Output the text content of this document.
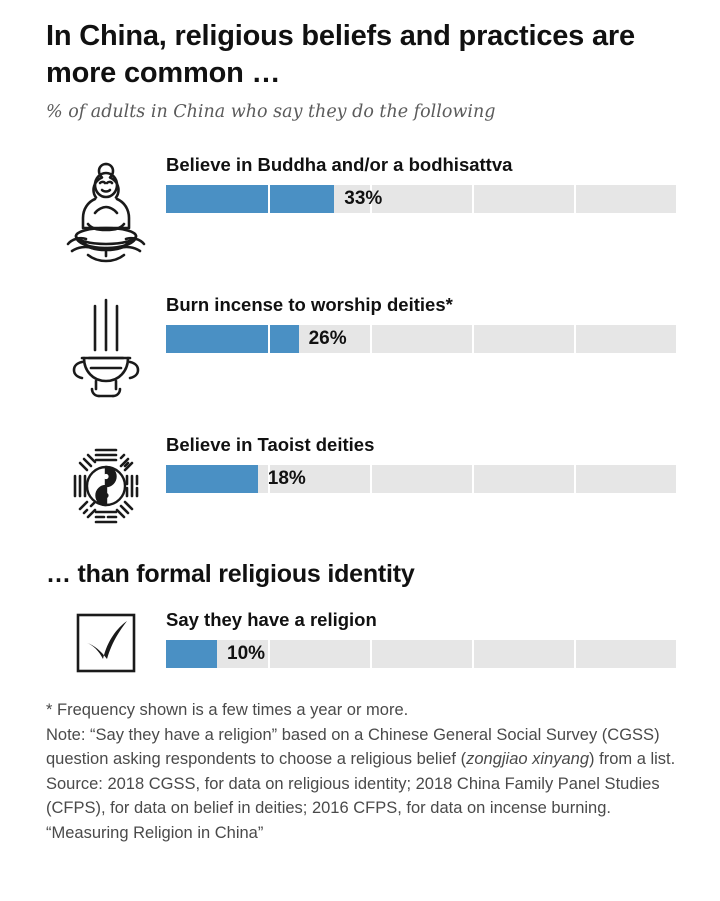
In China, religious beliefs and practices are more common …
% of adults in China who say they do the following
Believe in Buddha and/or a bodhisattva
33%
Burn incense to worship deities*
26%
Believe in Taoist deities
18%
… than formal religious identity
Say they have a religion
10%

* Frequency shown is a few times a year or more.

Note: “Say they have a religion” based on a Chinese General Social Survey (CGSS) question asking respondents to choose a religious belief (zongjiao xinyang) from a list.

Source: 2018 CGSS, for data on religious identity; 2018 China Family Panel Studies (CFPS), for data on belief in deities; 2016 CFPS, for data on incense burning.

“Measuring Religion in China”
